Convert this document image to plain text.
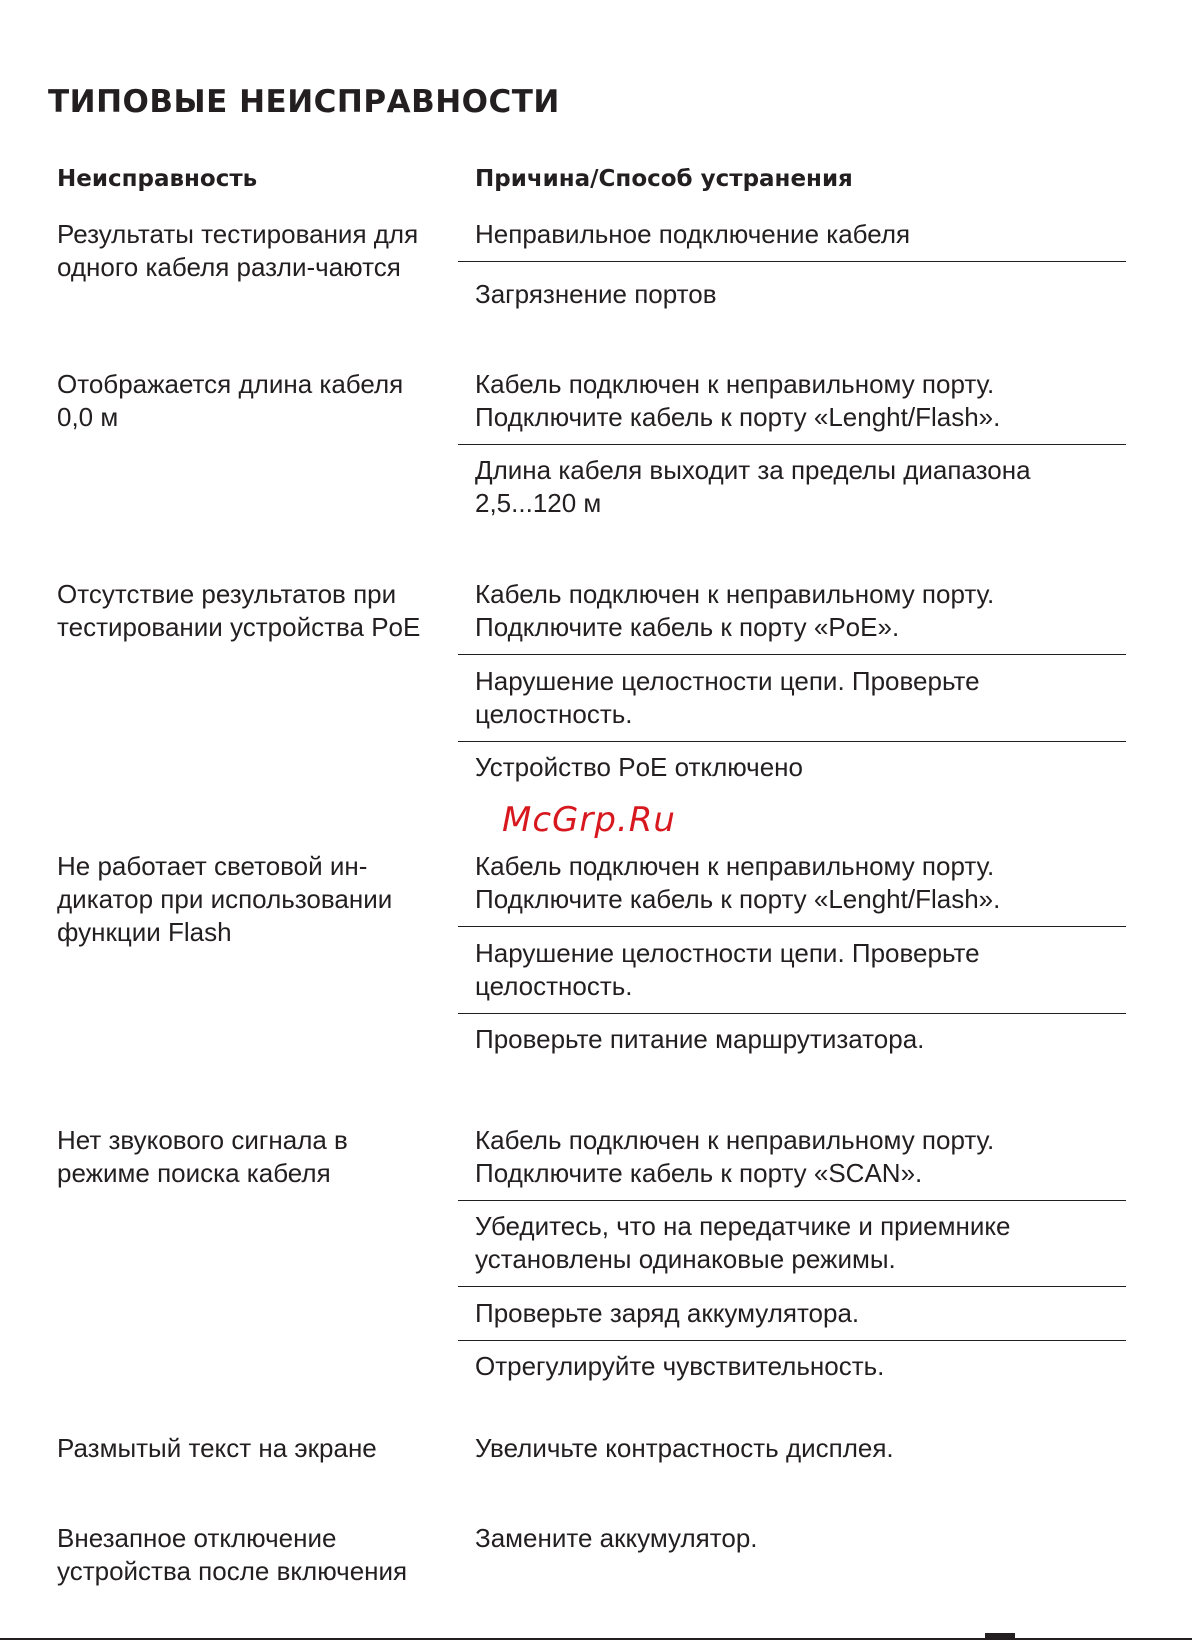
ТИПОВЫЕ НЕИСПРАВНОСТИ
Неисправность	Причина/Способ устранения
Результаты тестирования для одного кабеля разли-чаются
Отображается длина кабеля 0,0 м
Отсутствие результатов при тестировании устройства PoE
Не работает световой ин-дикатор при использовании функции Flash
Нет звукового сигнала в режиме поиска кабеля
Размытый текст на экране
Внезапное отключение устройства после включения
Неправильное подключение кабеля
Загрязнение портов
Кабель подключен к неправильному порту. Подключите кабель к порту «Lenght/Flash».
Длина кабеля выходит за пределы диапазона 2,5...120 м
Кабель подключен к неправильному порту. Подключите кабель к порту «PoE».
Нарушение целостности цепи. Проверьте целостность.
Устройство PoE отключено
Кабель подключен к неправильному порту. Подключите кабель к порту «Lenght/Flash».
Нарушение целостности цепи. Проверьте целостность.
Проверьте питание маршрутизатора.
Кабель подключен к неправильному порту. Подключите кабель к порту «SCAN».
Убедитесь, что на передатчике и приемнике установлены одинаковые режимы.
Проверьте заряд аккумулятора.
Отрегулируйте чувствительность.
Увеличьте контрастность дисплея.
Замените аккумулятор.
McGrp.Ru
